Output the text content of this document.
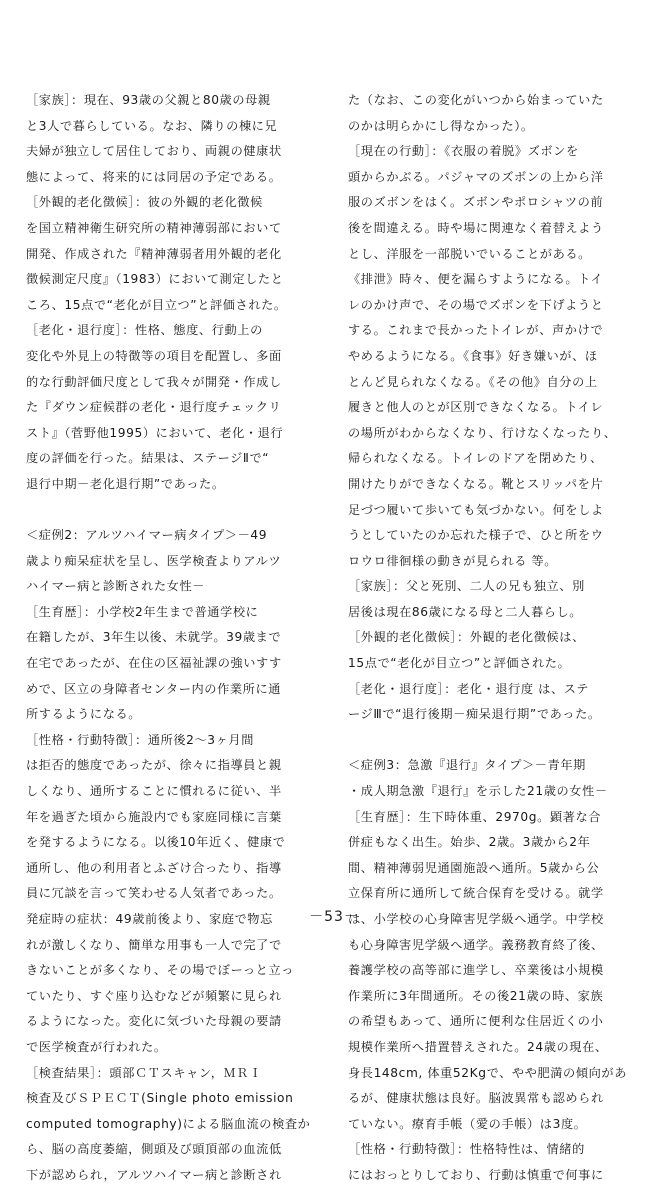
［家族］：現在、93歳の父親と80歳の母親
と3人で暮らしている。なお、隣りの棟に兄
夫婦が独立して居住しており、両親の健康状
態によって、将来的には同居の予定である。
［外観的老化徴候］：彼の外観的老化徴候
を国立精神衛生研究所の精神薄弱部において
開発、作成された『精神薄弱者用外観的老化
徴候測定尺度』（1983）において測定したと
ころ、15点で“老化が目立つ”と評価された。
［老化・退行度］：性格、態度、行動上の
変化や外見上の特徴等の項目を配置し、多面
的な行動評価尺度として我々が開発・作成し
た『ダウン症候群の老化・退行度チェックリ
スト』（菅野他1995）において、老化・退行
度の評価を行った。結果は、ステージⅡで“
退行中期－老化退行期”であった。
＜症例2：アルツハイマー病タイプ＞－49
歳より痴呆症状を呈し、医学検査よりアルツ
ハイマー病と診断された女性－
［生育歴］：小学校2年生まで普通学校に
在籍したが、3年生以後、未就学。39歳まで
在宅であったが、在住の区福祉課の強いすす
めで、区立の身障者センター内の作業所に通
所するようになる。
［性格・行動特徴］：通所後2～3ヶ月間
は拒否的態度であったが、徐々に指導員と親
しくなり、通所することに慣れるに従い、半
年を過ぎた頃から施設内でも家庭同様に言葉
を発するようになる。以後10年近く、健康で
通所し、他の利用者とふざけ合ったり、指導
員に冗談を言って笑わせる人気者であった。
発症時の症状：49歳前後より、家庭で物忘
れが激しくなり、簡単な用事も一人で完了で
きないことが多くなり、その場でぼーっと立っ
ていたり、すぐ座り込むなどが頻繁に見られ
るようになった。変化に気づいた母親の要請
で医学検査が行われた。
［検査結果］：頭部ＣＴスキャン，ＭＲＩ
検査及びＳＰＥＣＴ(Single photo emission
computed tomography)による脳血流の検査か
ら、脳の高度萎縮，側頭及び頭頂部の血流低
下が認められ，アルツハイマー病と診断され
た（なお、この変化がいつから始まっていた
のかは明らかにし得なかった）。
［現在の行動］：《衣服の着脱》ズボンを
頭からかぶる。パジャマのズボンの上から洋
服のズボンをはく。ズボンやポロシャツの前
後を間違える。時や場に関連なく着替えよう
とし、洋服を一部脱いでいることがある。
《排泄》時々、便を漏らすようになる。トイ
レのかけ声で、その場でズボンを下げようと
する。これまで長かったトイレが、声かけで
やめるようになる。《食事》好き嫌いが、ほ
とんど見られなくなる。《その他》自分の上
履きと他人のとが区別できなくなる。トイレ
の場所がわからなくなり、行けなくなったり、
帰られなくなる。トイレのドアを閉めたり、
開けたりができなくなる。靴とスリッパを片
足づつ履いて歩いても気づかない。何をしよ
うとしていたのか忘れた様子で、ひと所をウ
ロウロ徘徊様の動きが見られる 等。
［家族］：父と死別、二人の兄も独立、別
居後は現在86歳になる母と二人暮らし。
［外観的老化徴候］：外観的老化徴候は、
15点で“老化が目立つ”と評価された。
［老化・退行度］：老化・退行度 は、ステ
ージⅢで“退行後期－痴呆退行期”であった。
＜症例3：急激『退行』タイプ＞－青年期
・成人期急激『退行』を示した21歳の女性－
［生育歴］：生下時体重、2970g。顕著な合
併症もなく出生。始歩、2歳。3歳から2年
間、精神薄弱児通園施設へ通所。5歳から公
立保育所に通所して統合保育を受ける。就学
は、小学校の心身障害児学級へ通学。中学校
も心身障害児学級へ通学。義務教育終了後、
養護学校の高等部に進学し、卒業後は小規模
作業所に3年間通所。その後21歳の時、家族
の希望もあって、通所に便利な住居近くの小
規模作業所へ措置替えされた。24歳の現在、
身長148cm, 体重52Kgで、やや肥満の傾向があ
るが、健康状態は良好。脳波異常も認められ
ていない。療育手帳（愛の手帳）は3度。
［性格・行動特徴］：性格特性は、情緒的
にはおっとりしており、行動は慎重で何事に
－53－
